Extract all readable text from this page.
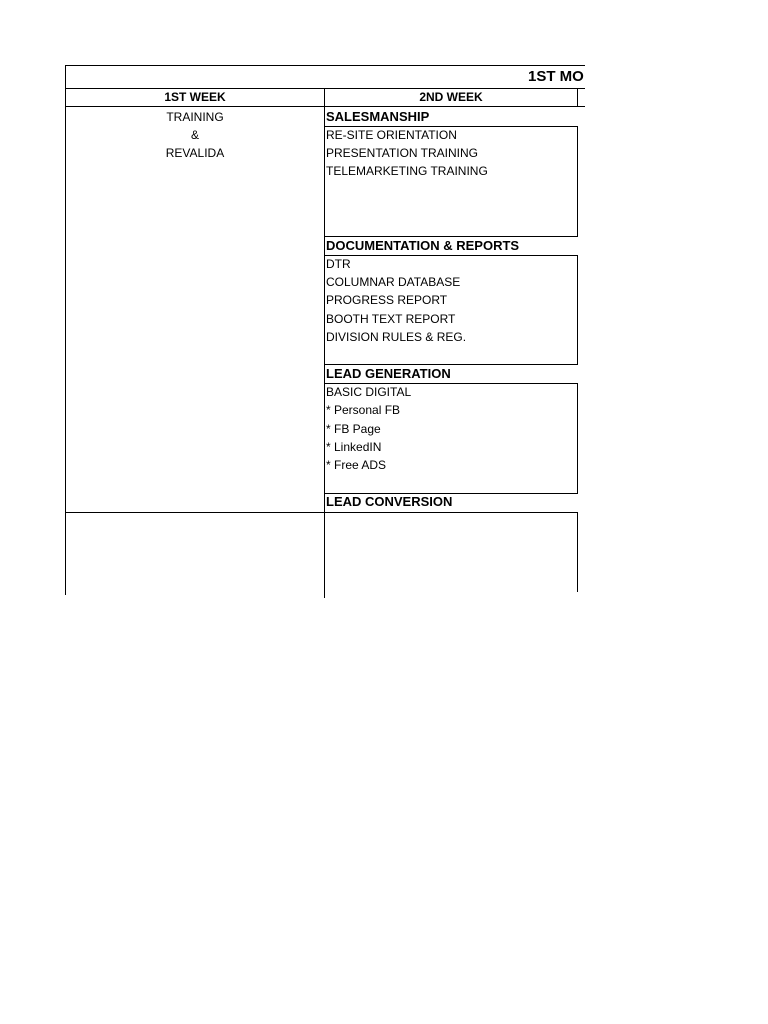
1ST MO
1ST WEEK	2ND WEEK
TRAINING
&
REVALIDA
SALESMANSHIP
RE-SITE ORIENTATION
PRESENTATION TRAINING
TELEMARKETING TRAINING
DOCUMENTATION & REPORTS
DTR
COLUMNAR DATABASE
PROGRESS REPORT
BOOTH TEXT REPORT
DIVISION RULES & REG.
LEAD GENERATION
BASIC DIGITAL
* Personal FB
* FB Page
* LinkedIN
* Free ADS
LEAD CONVERSION
